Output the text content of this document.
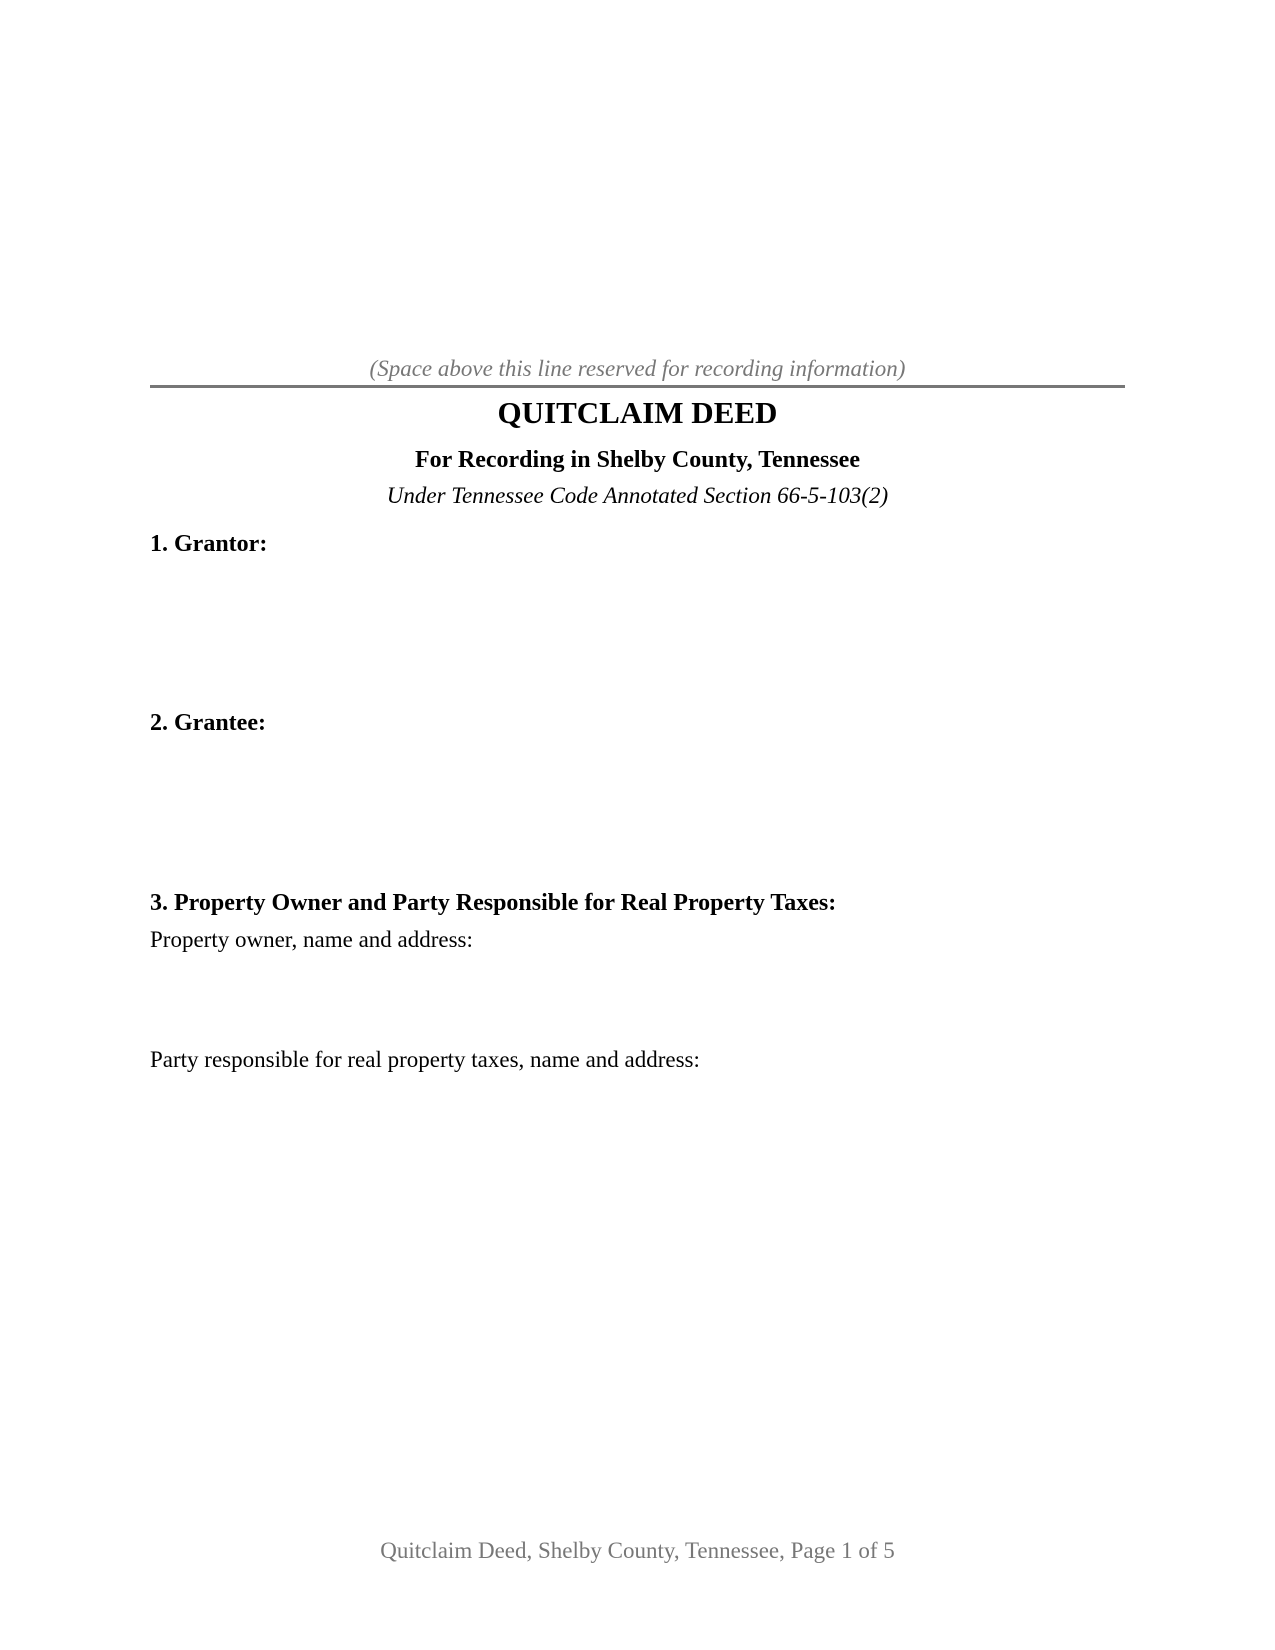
(Space above this line reserved for recording information)
QUITCLAIM DEED
For Recording in Shelby County, Tennessee
Under Tennessee Code Annotated Section 66-5-103(2)
1. Grantor:
2. Grantee:
3. Property Owner and Party Responsible for Real Property Taxes:
Property owner, name and address:
Party responsible for real property taxes, name and address:
Quitclaim Deed, Shelby County, Tennessee, Page 1 of 5
